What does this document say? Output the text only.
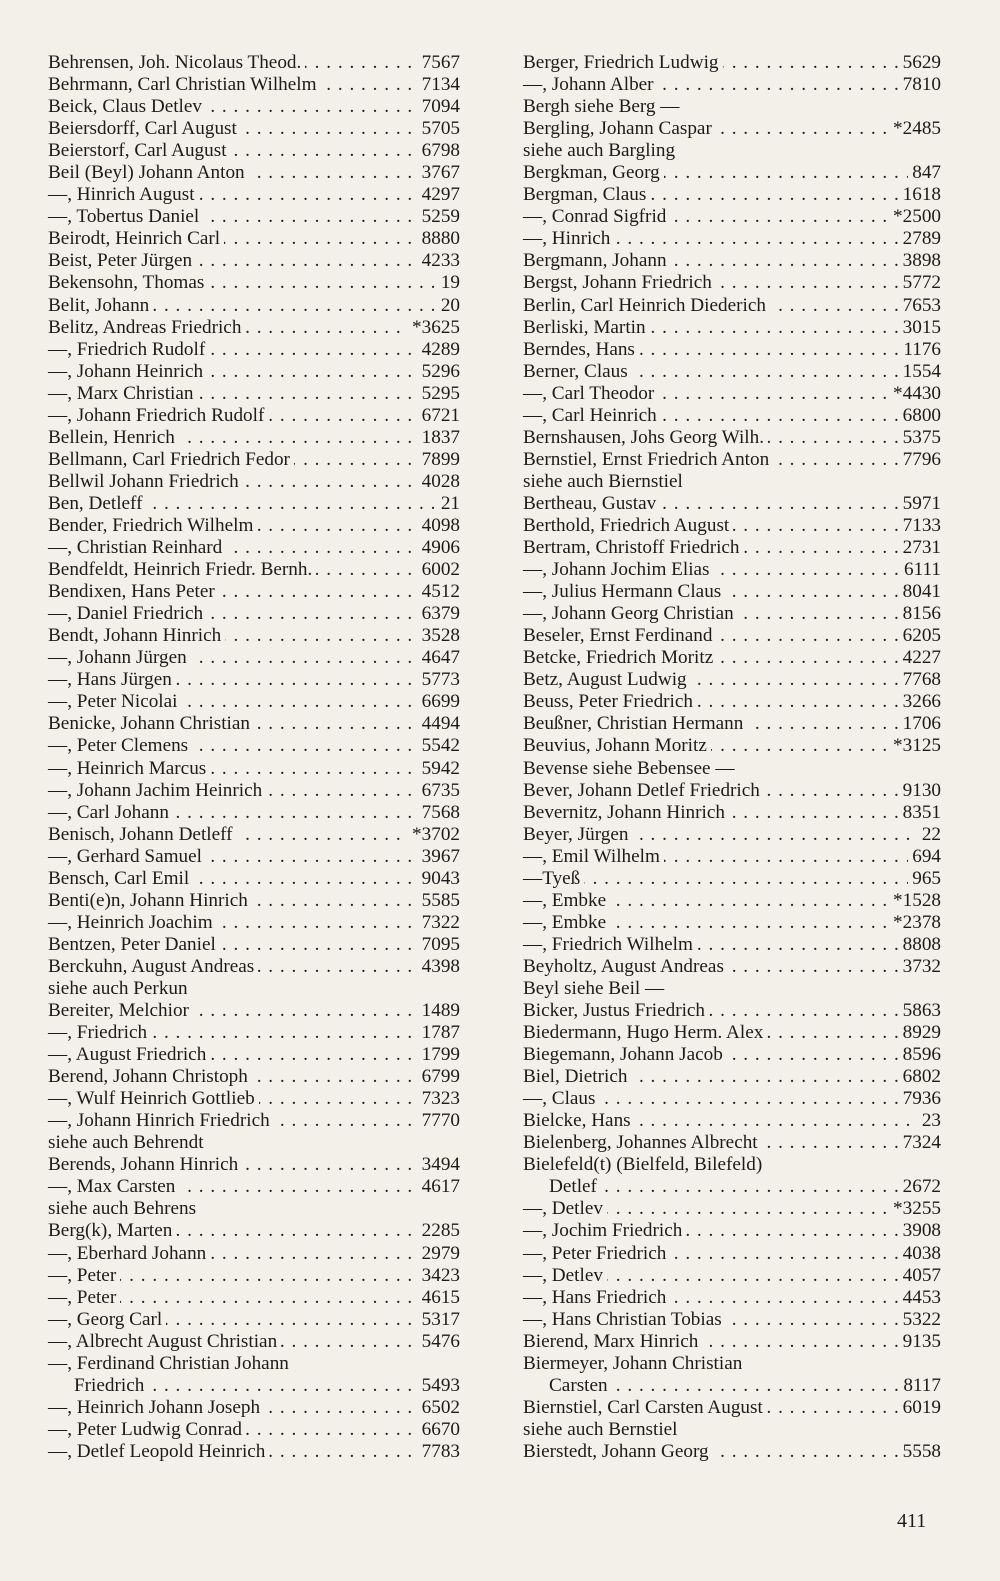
Behrensen, Joh. Nicolaus Theod.	7567
. . .
Behrmann, Carl Christian Wilhelm	7134
. . .
Beick, Claus Detlev	7094
. . .
Beiersdorff, Carl August	5705
. . .
Beierstorf, Carl August	6798
. . .
Beil (Beyl) Johann Anton	3767
. . .
—, Hinrich August	4297
. . .
—, Tobertus Daniel	5259
. . .
Beirodt, Heinrich Carl	8880
. . .
Beist, Peter Jürgen	4233
. . .
Bekensohn, Thomas	19
. . .
Belit, Johann	20
. . .
Belitz, Andreas Friedrich	*3625
. . .
—, Friedrich Rudolf	4289
. . .
—, Johann Heinrich	5296
. . .
—, Marx Christian	5295
. . .
—, Johann Friedrich Rudolf	6721
. . .
Bellein, Henrich	1837
. . .
Bellmann, Carl Friedrich Fedor	7899
. . .
Bellwil Johann Friedrich	4028
. . .
Ben, Detleff	21
. . .
Bender, Friedrich Wilhelm	4098
. . .
—, Christian Reinhard	4906
. . .
Bendfeldt, Heinrich Friedr. Bernh.	6002
. . .
Bendixen, Hans Peter	4512
. . .
—, Daniel Friedrich	6379
. . .
Bendt, Johann Hinrich	3528
. . .
—, Johann Jürgen	4647
. . .
—, Hans Jürgen	5773
. . .
—, Peter Nicolai	6699
. . .
Benicke, Johann Christian	4494
. . .
—, Peter Clemens	5542
. . .
—, Heinrich Marcus	5942
. . .
—, Johann Jachim Heinrich	6735
. . .
—, Carl Johann	7568
. . .
Benisch, Johann Detleff	*3702
. . .
—, Gerhard Samuel	3967
. . .
Bensch, Carl Emil	9043
. . .
Benti(e)n, Johann Hinrich	5585
. . .
—, Heinrich Joachim	7322
. . .
Bentzen, Peter Daniel	7095
. . .
Berckuhn, August Andreas	4398
. . .
siehe auch Perkun
Bereiter, Melchior	1489
. . .
—, Friedrich	1787
. . .
—, August Friedrich	1799
. . .
Berend, Johann Christoph	6799
. . .
—, Wulf Heinrich Gottlieb	7323
. . .
—, Johann Hinrich Friedrich	7770
. . .
siehe auch Behrendt
Berends, Johann Hinrich	3494
. . .
—, Max Carsten	4617
. . .
siehe auch Behrens
Berg(k), Marten	2285
. . .
—, Eberhard Johann	2979
. . .
—, Peter	3423
. . .
—, Peter	4615
. . .
—, Georg Carl	5317
. . .
—, Albrecht August Christian	5476
. . .
—, Ferdinand Christian Johann
Friedrich	5493
. . .
—, Heinrich Johann Joseph	6502
. . .
—, Peter Ludwig Conrad	6670
. . .
—, Detlef Leopold Heinrich	7783
. . .
Berger, Friedrich Ludwig	5629
. . .
—, Johann Alber	7810
. . .
Bergh siehe Berg —
Bergling, Johann Caspar	*2485
. . .
siehe auch Bargling
Bergkman, Georg	847
. . .
Bergman, Claus	1618
. . .
—, Conrad Sigfrid	*2500
. . .
—, Hinrich	2789
. . .
Bergmann, Johann	3898
. . .
Bergst, Johann Friedrich	5772
. . .
Berlin, Carl Heinrich Diederich	7653
. . .
Berliski, Martin	3015
. . .
Berndes, Hans	1176
. . .
Berner, Claus	1554
. . .
—, Carl Theodor	*4430
. . .
—, Carl Heinrich	6800
. . .
Bernshausen, Johs Georg Wilh.	5375
. . .
Bernstiel, Ernst Friedrich Anton	7796
. . .
siehe auch Biernstiel
Bertheau, Gustav	5971
. . .
Berthold, Friedrich August	7133
. . .
Bertram, Christoff Friedrich	2731
. . .
—, Johann Jochim Elias	6111
. . .
—, Julius Hermann Claus	8041
. . .
—, Johann Georg Christian	8156
. . .
Beseler, Ernst Ferdinand	6205
. . .
Betcke, Friedrich Moritz	4227
. . .
Betz, August Ludwig	7768
. . .
Beuss, Peter Friedrich	3266
. . .
Beußner, Christian Hermann	1706
. . .
Beuvius, Johann Moritz	*3125
. . .
Bevense siehe Bebensee —
Bever, Johann Detlef Friedrich	9130
. . .
Bevernitz, Johann Hinrich	8351
. . .
Beyer, Jürgen	22
. . .
—, Emil Wilhelm	694
. . .
—Tyeß	965
. . .
—, Embke	*1528
. . .
—, Embke	*2378
. . .
—, Friedrich Wilhelm	8808
. . .
Beyholtz, August Andreas	3732
. . .
Beyl siehe Beil —
Bicker, Justus Friedrich	5863
. . .
Biedermann, Hugo Herm. Alex	8929
. . .
Biegemann, Johann Jacob	8596
. . .
Biel, Dietrich	6802
. . .
—, Claus	7936
. . .
Bielcke, Hans	23
. . .
Bielenberg, Johannes Albrecht	7324
. . .
Bielefeld(t) (Bielfeld, Bilefeld)
Detlef	2672
. . .
—, Detlev	*3255
. . .
—, Jochim Friedrich	3908
. . .
—, Peter Friedrich	4038
. . .
—, Detlev	4057
. . .
—, Hans Friedrich	4453
. . .
—, Hans Christian Tobias	5322
. . .
Bierend, Marx Hinrich	9135
. . .
Biermeyer, Johann Christian
Carsten	8117
. . .
Biernstiel, Carl Carsten August	6019
. . .
siehe auch Bernstiel
Bierstedt, Johann Georg	5558
. . .
411
